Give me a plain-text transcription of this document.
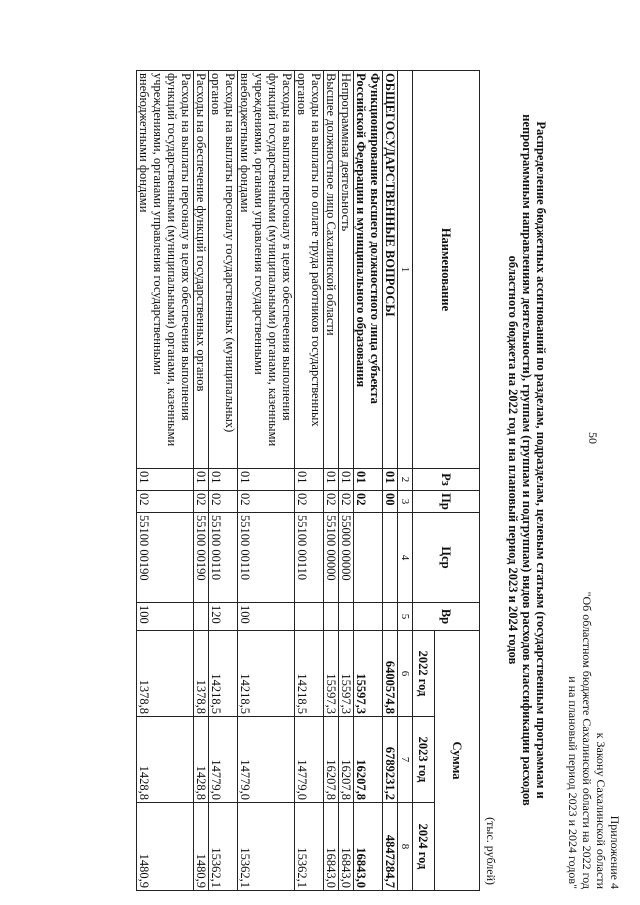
50
Приложение 4
к Закону Сахалинской области
"Об областном бюджете Сахалинской области на 2022 год
и на плановый период 2023 и 2024 годов"
Распределение бюджетных ассигнований по разделам, подразделам, целевым статьям (государственным программам и
непрограммным направлениям деятельности), группам (группам и подгруппам) видов расходов классификации расходов
областного бюджета на 2022 год и на плановый период 2023 и 2024 годов
(тыс. рублей)
Наименование	Рз	Пр	Цср	Вр	Сумма		
					2022 год	2023 год	2024 год
1	2	3	4	5	6	7	8
ОБЩЕГОСУДАРСТВЕННЫЕ ВОПРОСЫ	01	00			6400574,8	6789231,2	4847284,7
Функционирование высшего должностного лица субъекта Российской Федерации и муниципального образования	01	02			15597,3	16207,8	16843,0
Непрограммная деятельность	01	02	55000 00000		15597,3	16207,8	16843,0
Высшее должностное лицо Сахалинской области	01	02	55100 00000		15597,3	16207,8	16843,0
Расходы на выплаты по оплате труда работников государственных органов	01	02	55100 00110		14218,5	14779,0	15362,1
Расходы на выплаты персоналу в целях обеспечения выполнения функций государственными (муниципальными) органами, казенными учреждениями, органами управления государственными внебюджетными фондами	01	02	55100 00110	100	14218,5	14779,0	15362,1
Расходы на выплаты персоналу государственных (муниципальных) органов	01	02	55100 00110	120	14218,5	14779,0	15362,1
Расходы на обеспечение функций государственных органов	01	02	55100 00190		1378,8	1428,8	1480,9
Расходы на выплаты персоналу в целях обеспечения выполнения функций государственными (муниципальными) органами, казенными учреждениями, органами управления государственными внебюджетными фондами	01	02	55100 00190	100	1378,8	1428,8	1480,9
